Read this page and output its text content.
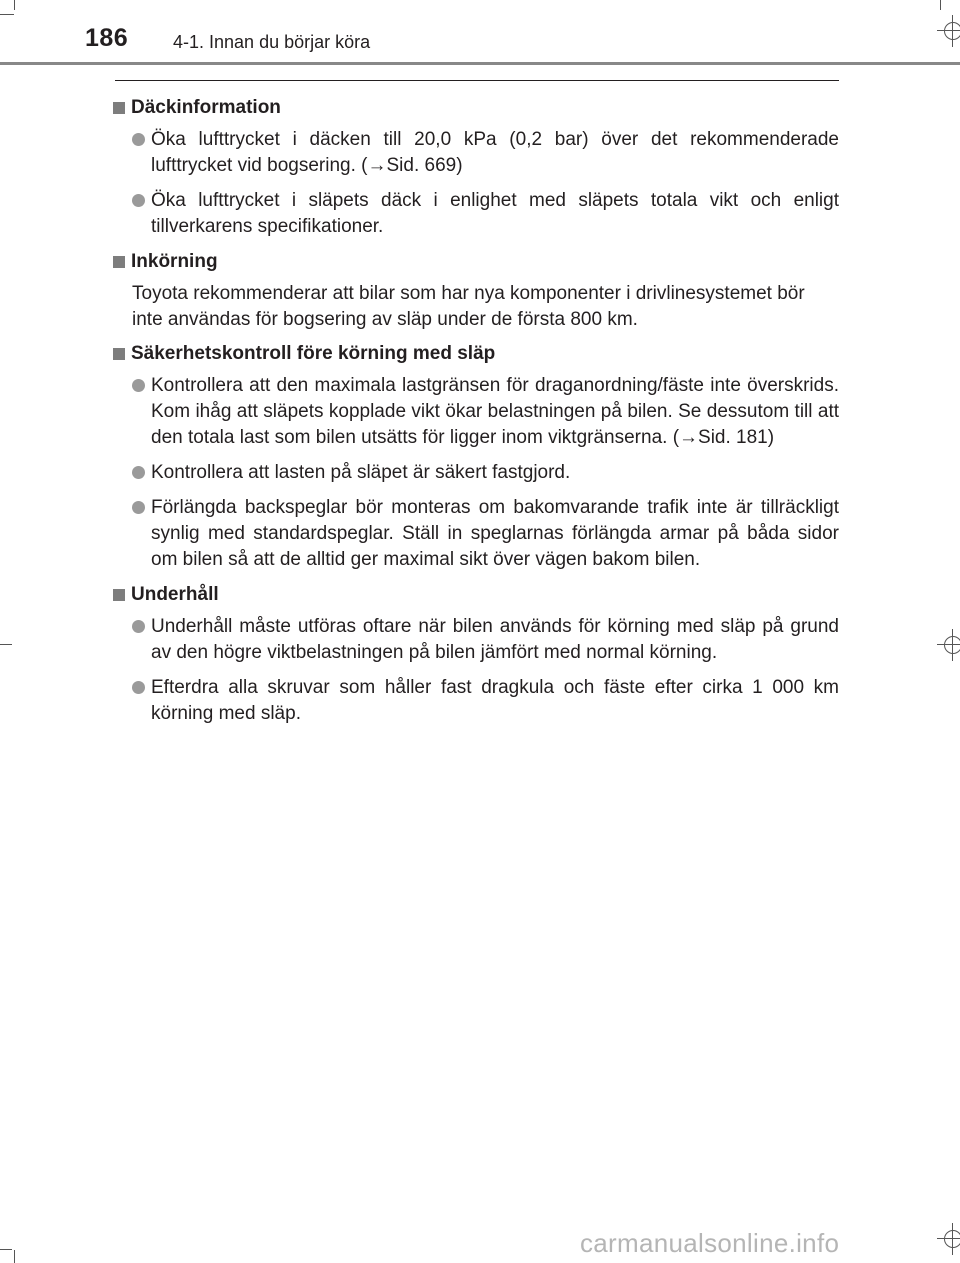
186 4-1. Innan du börjar köra
Däckinformation
Öka lufttrycket i däcken till 20,0 kPa (0,2 bar) över det rekommenderade lufttrycket vid bogsering. (→Sid. 669)
Öka lufttrycket i släpets däck i enlighet med släpets totala vikt och enligt tillverkarens specifikationer.
Inkörning

Toyota rekommenderar att bilar som har nya komponenter i drivlinesystemet bör inte användas för bogsering av släp under de första 800 km.

Säkerhetskontroll före körning med släp
Kontrollera att den maximala lastgränsen för draganordning/fäste inte överskrids. Kom ihåg att släpets kopplade vikt ökar belastningen på bilen. Se dessutom till att den totala last som bilen utsätts för ligger inom viktgränserna. (→Sid. 181)
Kontrollera att lasten på släpet är säkert fastgjord.
Förlängda backspeglar bör monteras om bakomvarande trafik inte är tillräckligt synlig med standardspeglar. Ställ in speglarnas förlängda armar på båda sidor om bilen så att de alltid ger maximal sikt över vägen bakom bilen.
Underhåll
Underhåll måste utföras oftare när bilen används för körning med släp på grund av den högre viktbelastningen på bilen jämfört med normal körning.
Efterdra alla skruvar som håller fast dragkula och fäste efter cirka 1 000 km körning med släp.
carmanualsonline.info
